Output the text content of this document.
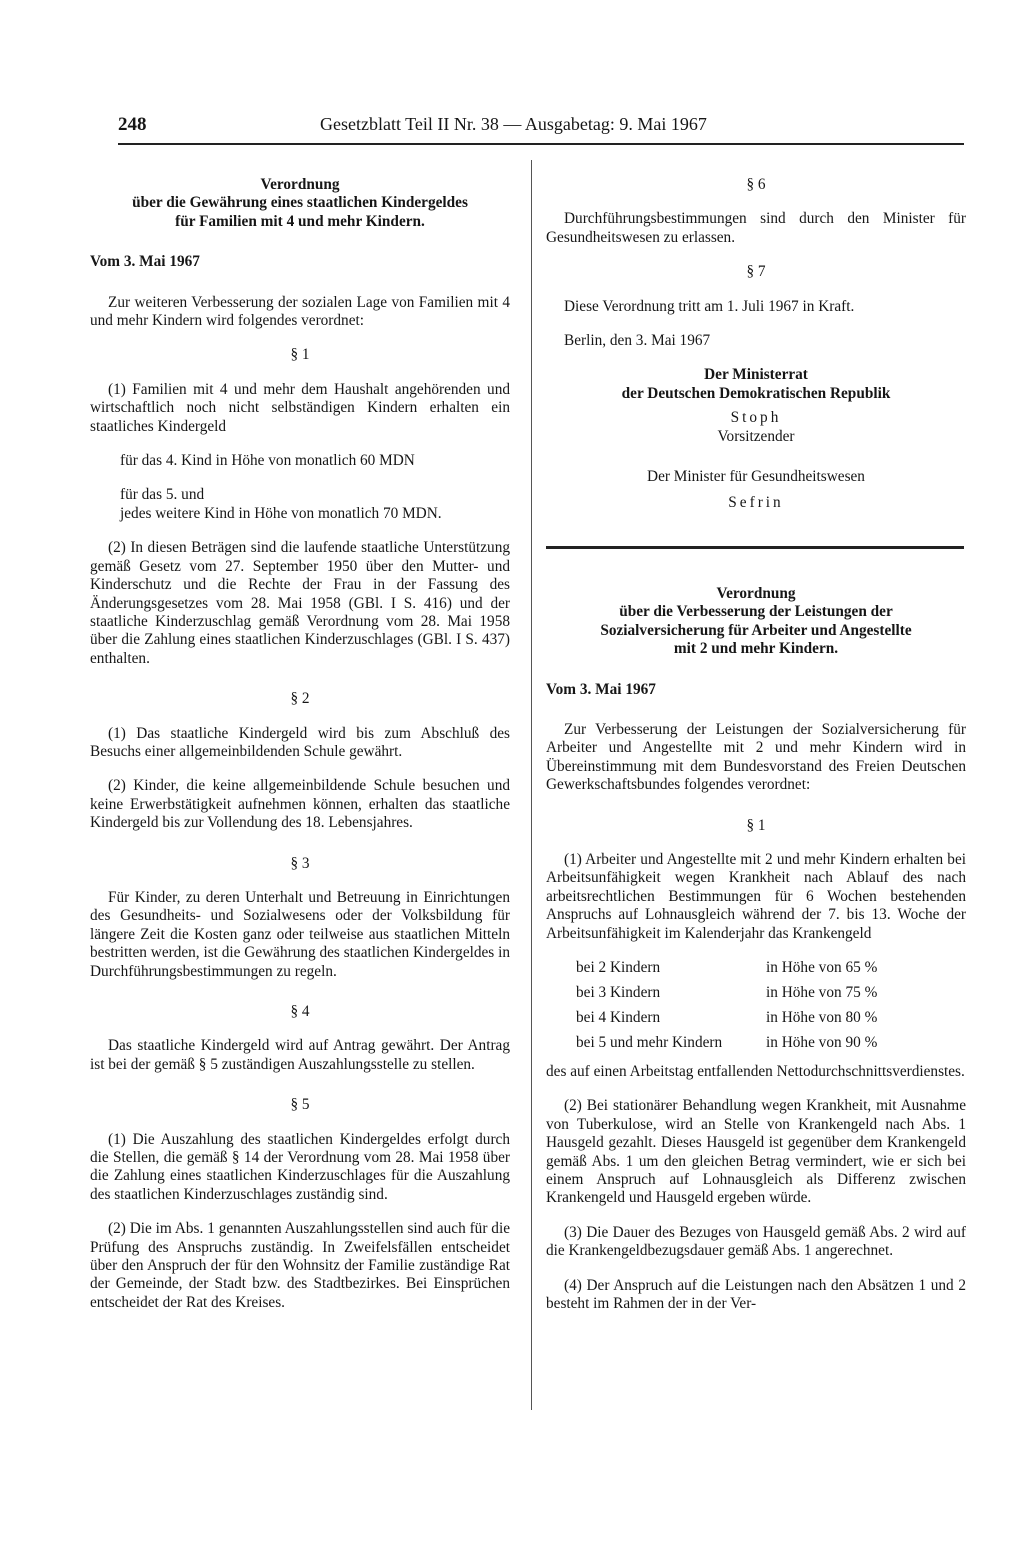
248	Gesetzblatt Teil II Nr. 38 — Ausgabetag: 9. Mai 1967

Verordnung

über die Gewährung eines staatlichen Kindergeldes

für Familien mit 4 und mehr Kindern.

Vom 3. Mai 1967

Zur weiteren Verbesserung der sozialen Lage von Familien mit 4 und mehr Kindern wird folgendes verordnet:

§ 1

(1) Familien mit 4 und mehr dem Haushalt angehörenden und wirtschaftlich noch nicht selbständigen Kindern erhalten ein staatliches Kindergeld

für das 4. Kind in Höhe von monatlich 60 MDN

für das 5. und

jedes weitere Kind in Höhe von monatlich 70 MDN.

(2) In diesen Beträgen sind die laufende staatliche Unterstützung gemäß Gesetz vom 27. September 1950 über den Mutter- und Kinderschutz und die Rechte der Frau in der Fassung des Änderungsgesetzes vom 28. Mai 1958 (GBl. I S. 416) und der staatliche Kinderzuschlag gemäß Verordnung vom 28. Mai 1958 über die Zahlung eines staatlichen Kinderzuschlages (GBl. I S. 437) enthalten.

§ 2

(1) Das staatliche Kindergeld wird bis zum Abschluß des Besuchs einer allgemeinbildenden Schule gewährt.

(2) Kinder, die keine allgemeinbildende Schule besuchen und keine Erwerbstätigkeit aufnehmen können, erhalten das staatliche Kindergeld bis zur Vollendung des 18. Lebensjahres.

§ 3

Für Kinder, zu deren Unterhalt und Betreuung in Einrichtungen des Gesundheits- und Sozialwesens oder der Volksbildung für längere Zeit die Kosten ganz oder teilweise aus staatlichen Mitteln bestritten werden, ist die Gewährung des staatlichen Kindergeldes in Durchführungsbestimmungen zu regeln.

§ 4

Das staatliche Kindergeld wird auf Antrag gewährt. Der Antrag ist bei der gemäß § 5 zuständigen Auszahlungsstelle zu stellen.

§ 5

(1) Die Auszahlung des staatlichen Kindergeldes erfolgt durch die Stellen, die gemäß § 14 der Verordnung vom 28. Mai 1958 über die Zahlung eines staatlichen Kinderzuschlages für die Auszahlung des staatlichen Kinderzuschlages zuständig sind.

(2) Die im Abs. 1 genannten Auszahlungsstellen sind auch für die Prüfung des Anspruchs zuständig. In Zweifelsfällen entscheidet über den Anspruch der für den Wohnsitz der Familie zuständige Rat der Gemeinde, der Stadt bzw. des Stadtbezirkes. Bei Einsprüchen entscheidet der Rat des Kreises.

§ 6

Durchführungsbestimmungen sind durch den Minister für Gesundheitswesen zu erlassen.

§ 7

Diese Verordnung tritt am 1. Juli 1967 in Kraft.

Berlin, den 3. Mai 1967

Der Ministerrat

der Deutschen Demokratischen Republik

Stoph

Vorsitzender

Der Minister für Gesundheitswesen

Sefrin

Verordnung

über die Verbesserung der Leistungen der

Sozialversicherung für Arbeiter und Angestellte

mit 2 und mehr Kindern.

Vom 3. Mai 1967

Zur Verbesserung der Leistungen der Sozialversicherung für Arbeiter und Angestellte mit 2 und mehr Kindern wird in Übereinstimmung mit dem Bundesvorstand des Freien Deutschen Gewerkschaftsbundes folgendes verordnet:

§ 1

(1) Arbeiter und Angestellte mit 2 und mehr Kindern erhalten bei Arbeitsunfähigkeit wegen Krankheit nach Ablauf des nach arbeitsrechtlichen Bestimmungen für 6 Wochen bestehenden Anspruchs auf Lohnausgleich während der 7. bis 13. Woche der Arbeitsunfähigkeit im Kalenderjahr das Krankengeld

bei 2 Kindern	in Höhe von 65 %
bei 3 Kindern	in Höhe von 75 %
bei 4 Kindern	in Höhe von 80 %
bei 5 und mehr Kindern	in Höhe von 90 %

des auf einen Arbeitstag entfallenden Nettodurchschnittsverdienstes.

(2) Bei stationärer Behandlung wegen Krankheit, mit Ausnahme von Tuberkulose, wird an Stelle von Krankengeld nach Abs. 1 Hausgeld gezahlt. Dieses Hausgeld ist gegenüber dem Krankengeld gemäß Abs. 1 um den gleichen Betrag vermindert, wie er sich bei einem Anspruch auf Lohnausgleich als Differenz zwischen Krankengeld und Hausgeld ergeben würde.

(3) Die Dauer des Bezuges von Hausgeld gemäß Abs. 2 wird auf die Krankengeldbezugsdauer gemäß Abs. 1 angerechnet.

(4) Der Anspruch auf die Leistungen nach den Absätzen 1 und 2 besteht im Rahmen der in der Ver-
